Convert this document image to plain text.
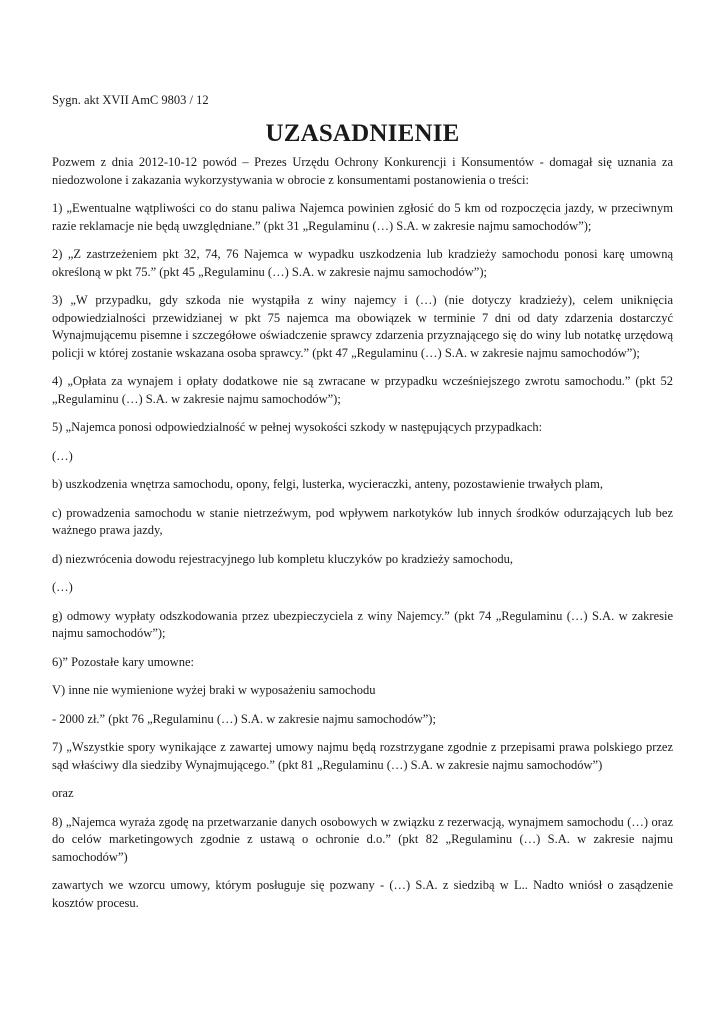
Sygn. akt XVII AmC 9803 / 12

UZASADNIENIE

Pozwem z dnia 2012-10-12 powód – Prezes Urzędu Ochrony Konkurencji i Konsumentów - domagał się uznania za niedozwolone i zakazania wykorzystywania w obrocie z konsumentami postanowienia o treści:

1) „Ewentualne wątpliwości co do stanu paliwa Najemca powinien zgłosić do 5 km od rozpoczęcia jazdy, w przeciwnym razie reklamacje nie będą uwzględniane.” (pkt 31 „Regulaminu (…) S.A. w zakresie najmu samochodów”);

2) „Z zastrzeżeniem pkt 32, 74, 76 Najemca w wypadku uszkodzenia lub kradzieży samochodu ponosi karę umowną określoną w pkt 75.” (pkt 45 „Regulaminu (…) S.A. w zakresie najmu samochodów”);

3) „W przypadku, gdy szkoda nie wystąpiła z winy najemcy i (…) (nie dotyczy kradzieży), celem uniknięcia odpowiedzialności przewidzianej w pkt 75 najemca ma obowiązek w terminie 7 dni od daty zdarzenia dostarczyć Wynajmującemu pisemne i szczegółowe oświadczenie sprawcy zdarzenia przyznającego się do winy lub notatkę urzędową policji w której zostanie wskazana osoba sprawcy.” (pkt 47 „Regulaminu (…) S.A. w zakresie najmu samochodów”);

4) „Opłata za wynajem i opłaty dodatkowe nie są zwracane w przypadku wcześniejszego zwrotu samochodu.” (pkt 52 „Regulaminu (…) S.A. w zakresie najmu samochodów”);

5) „Najemca ponosi odpowiedzialność w pełnej wysokości szkody w następujących przypadkach:

(…)

b) uszkodzenia wnętrza samochodu, opony, felgi, lusterka, wycieraczki, anteny, pozostawienie trwałych plam,

c) prowadzenia samochodu w stanie nietrzeźwym, pod wpływem narkotyków lub innych środków odurzających lub bez ważnego prawa jazdy,

d) niezwrócenia dowodu rejestracyjnego lub kompletu kluczyków po kradzieży samochodu,

(…)

g) odmowy wypłaty odszkodowania przez ubezpieczyciela z winy Najemcy.” (pkt 74 „Regulaminu (…) S.A. w zakresie najmu samochodów”);

6)” Pozostałe kary umowne:

V) inne nie wymienione wyżej braki w wyposażeniu samochodu

- 2000 zł.” (pkt 76 „Regulaminu (…) S.A. w zakresie najmu samochodów”);

7) „Wszystkie spory wynikające z zawartej umowy najmu będą rozstrzygane zgodnie z przepisami prawa polskiego przez sąd właściwy dla siedziby Wynajmującego.” (pkt 81 „Regulaminu (…) S.A. w zakresie najmu samochodów”)

oraz

8) „Najemca wyraża zgodę na przetwarzanie danych osobowych w związku z rezerwacją, wynajmem samochodu (…) oraz do celów marketingowych zgodnie z ustawą o ochronie d.o.” (pkt 82 „Regulaminu (…) S.A. w zakresie najmu samochodów”)

zawartych we wzorcu umowy, którym posługuje się pozwany - (…) S.A. z siedzibą w L.. Nadto wniósł o zasądzenie kosztów procesu.
